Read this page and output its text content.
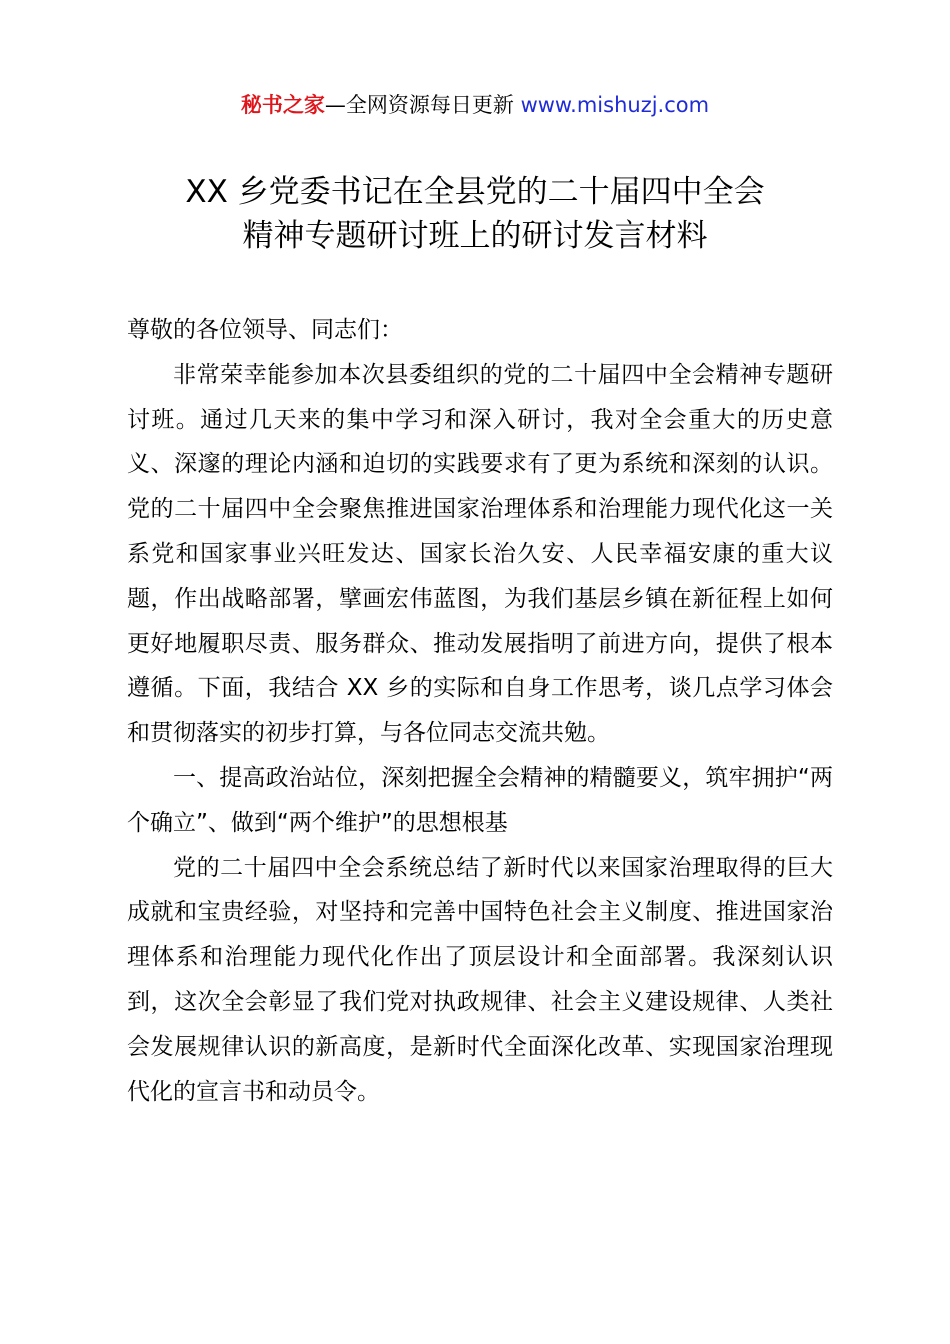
秘书之家—全网资源每日更新 www.mishuzj.com
XX 乡党委书记在全县党的二十届四中全会
精神专题研讨班上的研讨发言材料

尊敬的各位领导、同志们：

非常荣幸能参加本次县委组织的党的二十届四中全会精神专题研讨班。通过几天来的集中学习和深入研讨，我对全会重大的历史意义、深邃的理论内涵和迫切的实践要求有了更为系统和深刻的认识。党的二十届四中全会聚焦推进国家治理体系和治理能力现代化这一关系党和国家事业兴旺发达、国家长治久安、人民幸福安康的重大议题，作出战略部署，擘画宏伟蓝图，为我们基层乡镇在新征程上如何更好地履职尽责、服务群众、推动发展指明了前进方向，提供了根本遵循。下面，我结合 XX 乡的实际和自身工作思考，谈几点学习体会和贯彻落实的初步打算，与各位同志交流共勉。

一、提高政治站位，深刻把握全会精神的精髓要义，筑牢拥护“两个确立”、做到“两个维护”的思想根基

党的二十届四中全会系统总结了新时代以来国家治理取得的巨大成就和宝贵经验，对坚持和完善中国特色社会主义制度、推进国家治理体系和治理能力现代化作出了顶层设计和全面部署。我深刻认识到，这次全会彰显了我们党对执政规律、社会主义建设规律、人类社会发展规律认识的新高度，是新时代全面深化改革、实现国家治理现代化的宣言书和动员令。
